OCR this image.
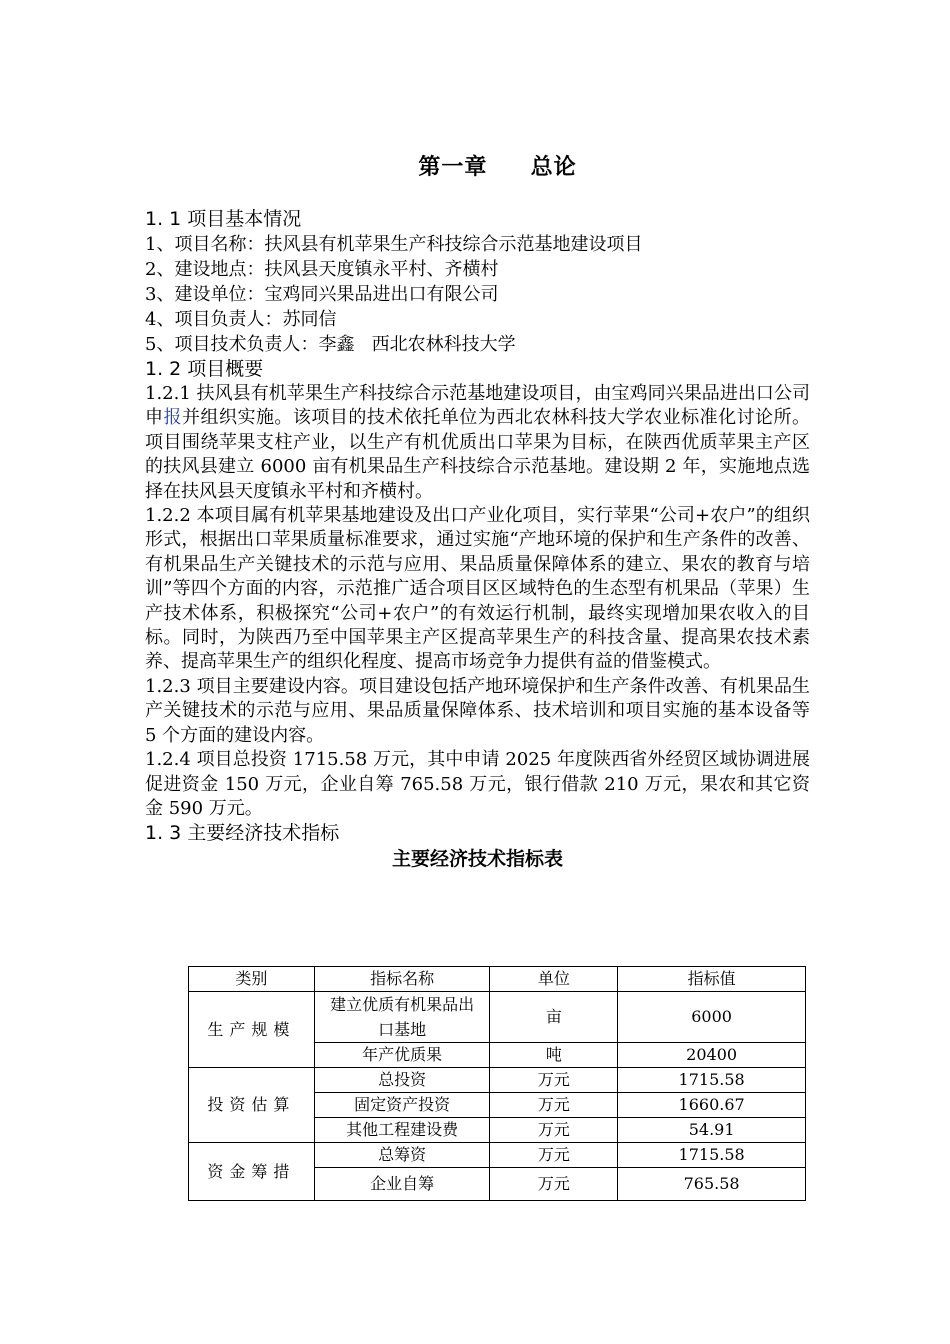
第一章     总论
1. 1 项目基本情况
1、项目名称：扶风县有机苹果生产科技综合示范基地建设项目
2、建设地点：扶风县天度镇永平村、齐横村
3、建设单位：宝鸡同兴果品进出口有限公司
4、项目负责人：苏同信
5、项目技术负责人：李鑫   西北农林科技大学
1. 2 项目概要

1.2.1 扶风县有机苹果生产科技综合示范基地建设项目，由宝鸡同兴果品进出口公司申报并组织实施。该项目的技术依托单位为西北农林科技大学农业标准化讨论所。项目围绕苹果支柱产业，以生产有机优质出口苹果为目标，在陕西优质苹果主产区的扶风县建立 6000 亩有机果品生产科技综合示范基地。建设期 2 年，实施地点选择在扶风县天度镇永平村和齐横村。

1.2.2 本项目属有机苹果基地建设及出口产业化项目，实行苹果“公司+农户”的组织形式，根据出口苹果质量标准要求，通过实施“产地环境的保护和生产条件的改善、有机果品生产关键技术的示范与应用、果品质量保障体系的建立、果农的教育与培训”等四个方面的内容，示范推广适合项目区区域特色的生态型有机果品（苹果）生产技术体系，积极探究“公司+农户”的有效运行机制，最终实现增加果农收入的目标。同时，为陕西乃至中国苹果主产区提高苹果生产的科技含量、提高果农技术素养、提高苹果生产的组织化程度、提高市场竞争力提供有益的借鉴模式。

1.2.3 项目主要建设内容。项目建设包括产地环境保护和生产条件改善、有机果品生产关键技术的示范与应用、果品质量保障体系、技术培训和项目实施的基本设备等 5 个方面的建设内容。

1.2.4 项目总投资 1715.58 万元，其中申请 2025 年度陕西省外经贸区域协调进展促进资金 150 万元，企业自筹 765.58 万元，银行借款 210 万元，果农和其它资金 590 万元。

1. 3 主要经济技术指标
主要经济技术指标表
类别	指标名称	单位	指标值
生产规模	建立优质有机果品出口基地	亩	6000
	年产优质果	吨	20400
投资估算	总投资	万元	1715.58
	固定资产投资	万元	1660.67
	其他工程建设费	万元	54.91
资金筹措	总筹资	万元	1715.58
	企业自筹	万元	765.58
